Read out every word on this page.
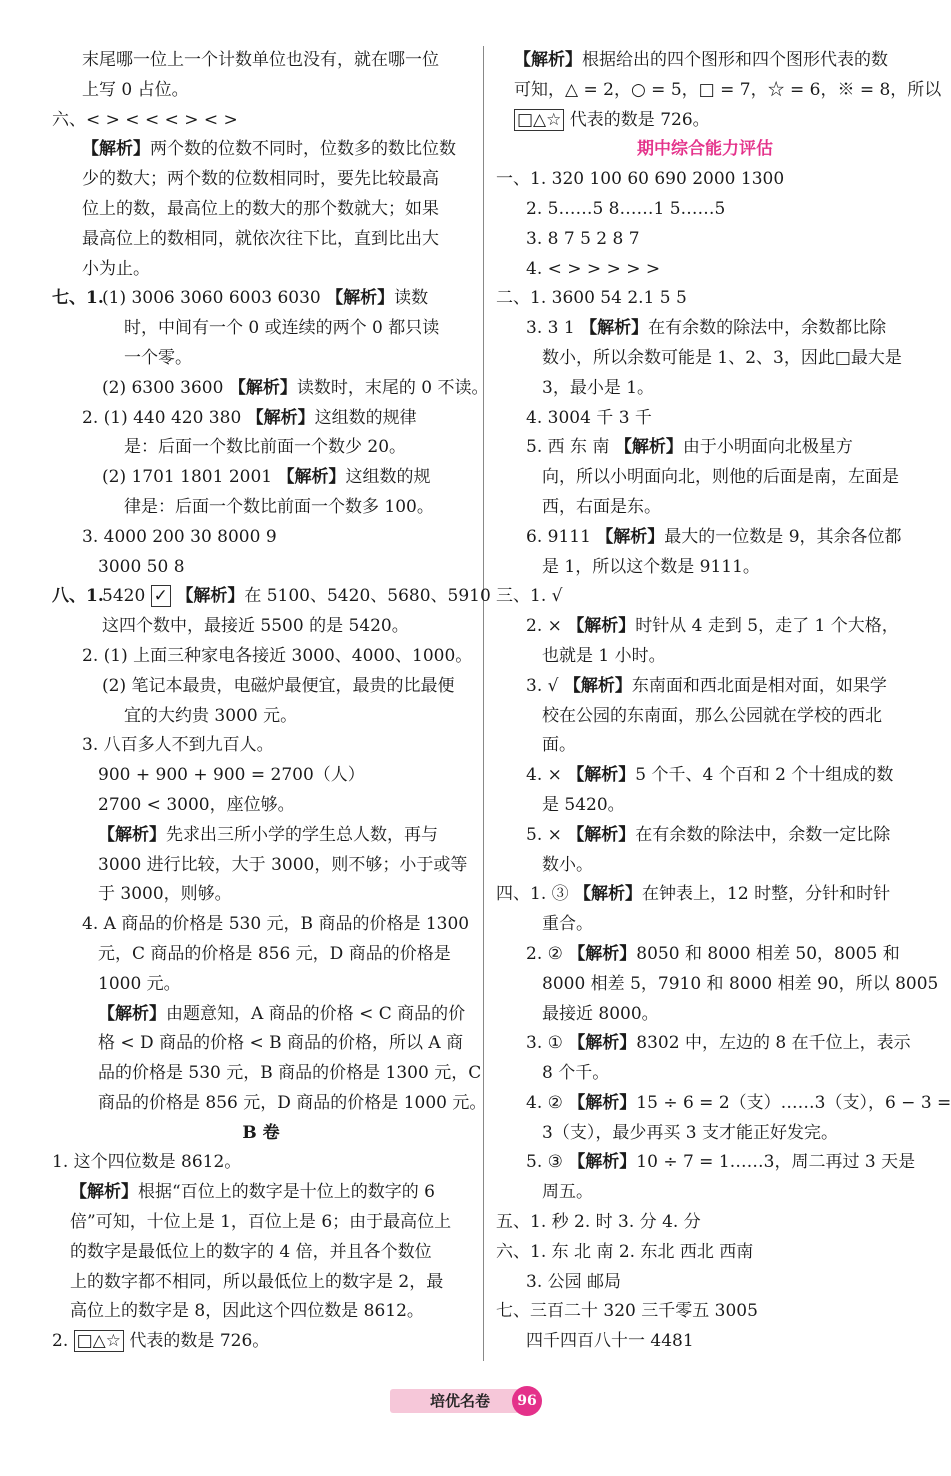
末尾哪一位上一个计数单位也没有，就在哪一位
上写 0 占位。
六、< > < < < > < >
【解析】两个数的位数不同时，位数多的数比位数
少的数大；两个数的位数相同时，要先比较最高
位上的数，最高位上的数大的那个数就大；如果
最高位上的数相同，就依次往下比，直到比出大
小为止。
七、1.
(1) 3006 3060 6003 6030 【解析】读数
时，中间有一个 0 或连续的两个 0 都只读
一个零。
(2) 6300 3600 【解析】读数时，末尾的 0 不读。
2. (1) 440 420 380 【解析】这组数的规律
是：后面一个数比前面一个数少 20。
(2) 1701 1801 2001 【解析】这组数的规
律是：后面一个数比前面一个数多 100。
3. 4000 200 30 8000 9
3000 50 8
八、1.
5420 ✓ 【解析】在 5100、5420、5680、5910
这四个数中，最接近 5500 的是 5420。
2. (1) 上面三种家电各接近 3000、4000、1000。
(2) 笔记本最贵，电磁炉最便宜，最贵的比最便
宜的大约贵 3000 元。
3. 八百多人不到九百人。
900 + 900 + 900 = 2700（人）
2700 < 3000，座位够。
【解析】先求出三所小学的学生总人数，再与
3000 进行比较，大于 3000，则不够；小于或等
于 3000，则够。
4. A 商品的价格是 530 元，B 商品的价格是 1300
元，C 商品的价格是 856 元，D 商品的价格是
1000 元。
【解析】由题意知，A 商品的价格 < C 商品的价
格 < D 商品的价格 < B 商品的价格，所以 A 商
品的价格是 530 元，B 商品的价格是 1300 元，C
商品的价格是 856 元，D 商品的价格是 1000 元。
B 卷
1. 这个四位数是 8612。
【解析】根据“百位上的数字是十位上的数字的 6
倍”可知，十位上是 1，百位上是 6；由于最高位上
的数字是最低位上的数字的 4 倍，并且各个数位
上的数字都不相同，所以最低位上的数字是 2，最
高位上的数字是 8，因此这个四位数是 8612。
2. □△☆ 代表的数是 726。
【解析】根据给出的四个图形和四个图形代表的数
可知，△ = 2，○ = 5，□ = 7，☆ = 6，※ = 8，所以
□△☆ 代表的数是 726。
期中综合能力评估
一、1. 320 100 60 690 2000 1300
2. 5……5 8……1 5……5
3. 8 7 5 2 8 7
4. < > > > > >
二、1. 3600 54 2.1 5 5
3. 3 1 【解析】在有余数的除法中，余数都比除
数小，所以余数可能是 1、2、3，因此□最大是
3，最小是 1。
4. 3004 千 3 千
5. 西 东 南 【解析】由于小明面向北极星方
向，所以小明面向北，则他的后面是南，左面是
西，右面是东。
6. 9111 【解析】最大的一位数是 9，其余各位都
是 1，所以这个数是 9111。
三、1. √
2. × 【解析】时针从 4 走到 5，走了 1 个大格，
也就是 1 小时。
3. √ 【解析】东南面和西北面是相对面，如果学
校在公园的东南面，那么公园就在学校的西北
面。
4. × 【解析】5 个千、4 个百和 2 个十组成的数
是 5420。
5. × 【解析】在有余数的除法中，余数一定比除
数小。
四、1. ③ 【解析】在钟表上，12 时整，分针和时针
重合。
2. ② 【解析】8050 和 8000 相差 50，8005 和
8000 相差 5，7910 和 8000 相差 90，所以 8005
最接近 8000。
3. ① 【解析】8302 中，左边的 8 在千位上，表示
8 个千。
4. ② 【解析】15 ÷ 6 = 2（支）……3（支），6 − 3 =
3（支），最少再买 3 支才能正好发完。
5. ③ 【解析】10 ÷ 7 = 1……3，周二再过 3 天是
周五。
五、1. 秒 2. 时 3. 分 4. 分
六、1. 东 北 南 2. 东北 西北 西南
3. 公园 邮局
七、三百二十 320 三千零五 3005
四千四百八十一 4481
培优名卷	96
